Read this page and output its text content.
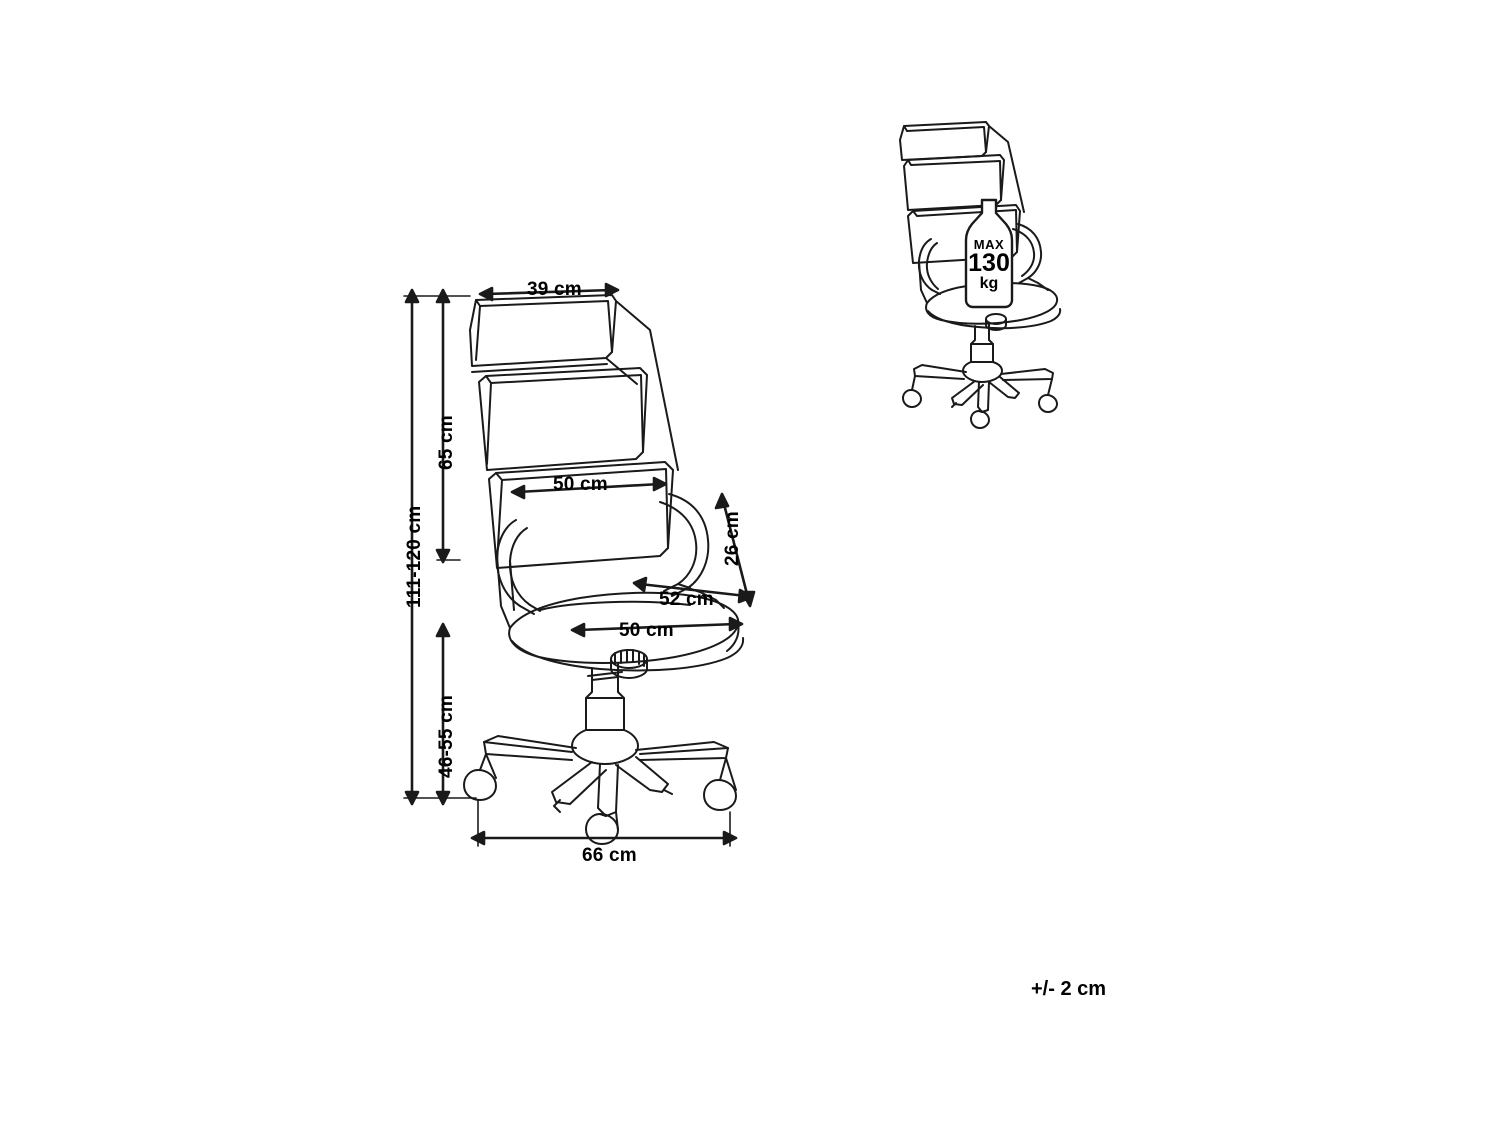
111-120 cm
65 cm
46-55 cm
39 cm
50 cm
26 cm
52 cm
50 cm
66 cm
MAX
130
kg
+/- 2 cm
